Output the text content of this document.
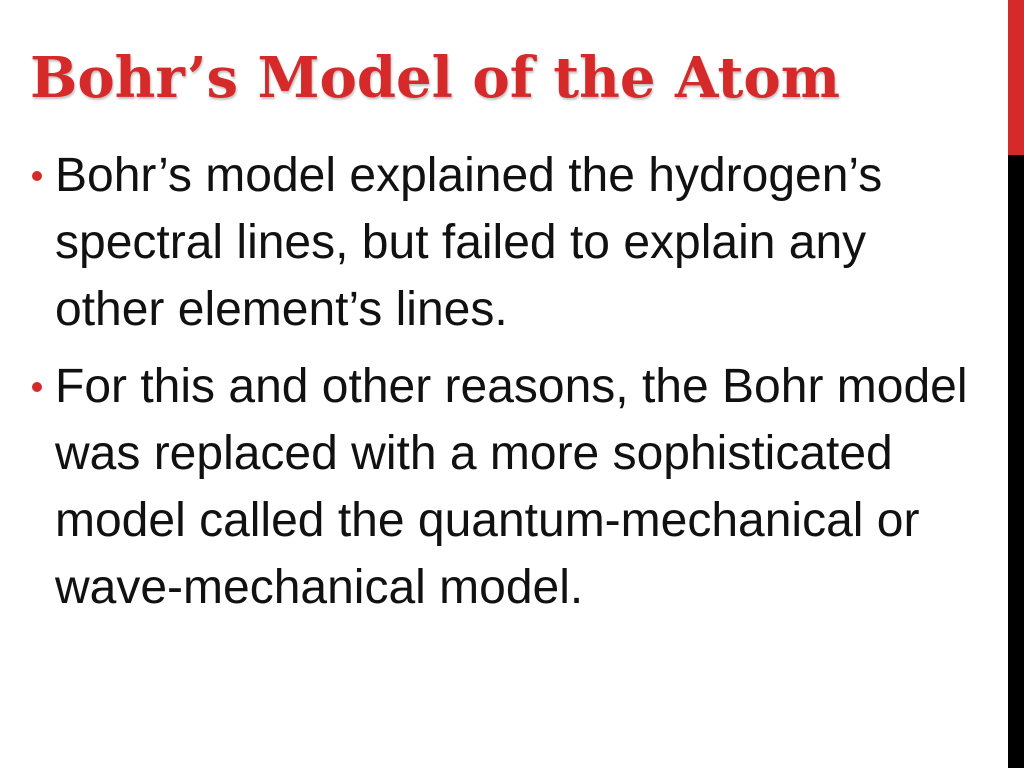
Bohr’s Model of the Atom
Bohr’s model explained the hydrogen’s spectral lines, but failed to explain any other element’s lines.
For this and other reasons, the Bohr model was replaced with a more sophisticated model called the quantum-mechanical or wave-mechanical model.
